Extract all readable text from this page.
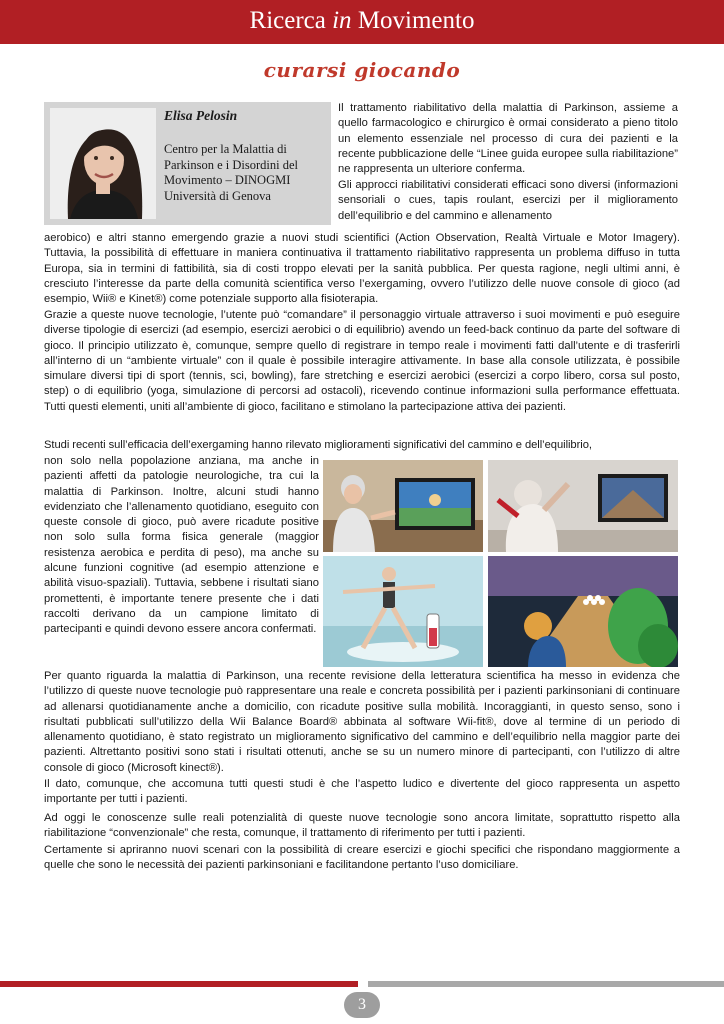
Ricerca in Movimento
curarsi giocando
Elisa Pelosin
Centro per la Malattia di Parkinson e i Disordini del Movimento – DINOGMI Università di Genova
Il trattamento riabilitativo della malattia di Parkinson, assieme a quello farmacologico e chirurgico è ormai considerato a pieno titolo un elemento essenziale nel processo di cura dei pazienti e la recente pubblicazione delle “Linee guida europee sulla riabilitazione” ne rappresenta un ulteriore conferma.
Gli approcci riabilitativi considerati efficaci sono diversi (informazioni sensoriali o cues, tapis roulant, esercizi per il miglioramento dell’equilibrio e del cammino e allenamento
aerobico) e altri stanno emergendo grazie a nuovi studi scientifici (Action Observation, Realtà Virtuale e Motor Imagery). Tuttavia, la possibilità di effettuare in maniera continuativa il trattamento riabilitativo rappresenta un problema diffuso in tutta Europa, sia in termini di fattibilità, sia di costi troppo elevati per la sanità pubblica. Per questa ragione, negli ultimi anni, è cresciuto l’interesse da parte della comunità scientifica verso l’exergaming, ovvero l’utilizzo delle nuove console di gioco (ad esempio, Wii® e Kinet®) come potenziale supporto alla fisioterapia.
Grazie a queste nuove tecnologie, l’utente può “comandare” il personaggio virtuale attraverso i suoi movimenti e può eseguire diverse tipologie di esercizi (ad esempio, esercizi aerobici o di equilibrio) avendo un feed-back continuo da parte del software di gioco. Il principio utilizzato è, comunque, sempre quello di registrare in tempo reale i movimenti fatti dall’utente e di trasferirli all’interno di un “ambiente virtuale” con il quale è possibile interagire attivamente. In base alla console utilizzata, è possibile simulare diversi tipi di sport (tennis, sci, bowling), fare stretching e esercizi aerobici (esercizi a corpo libero, corsa sul posto, step) o di equilibrio (yoga, simulazione di percorsi ad ostacoli), ricevendo continue informazioni sulla performance effettuata. Tutti questi elementi, uniti all’ambiente di gioco, facilitano e stimolano la partecipazione attiva dei pazienti.
Studi recenti sull’efficacia dell’exergaming hanno rilevato miglioramenti significativi del cammino e dell’equilibrio,
non solo nella popolazione anziana, ma anche in pazienti affetti da patologie neurologiche, tra cui la malattia di Parkinson. Inoltre, alcuni studi hanno evidenziato che l’allenamento quotidiano, eseguito con queste console di gioco, può avere ricadute positive non solo sulla forma fisica generale (maggior resistenza aerobica e perdita di peso), ma anche su alcune funzioni cognitive (ad esempio attenzione e abilità visuo-spaziali). Tuttavia, sebbene i risultati siano promettenti, è importante tenere presente che i dati raccolti derivano da un campione limitato di partecipanti e quindi devono essere ancora confermati.
Per quanto riguarda la malattia di Parkinson, una recente revisione della letteratura scientifica ha messo in evidenza che l’utilizzo di queste nuove tecnologie può rappresentare una reale e concreta possibilità per i pazienti parkinsoniani di continuare ad allenarsi quotidianamente anche a domicilio, con ricadute positive sulla mobilità. Incoraggianti, in questo senso, sono i risultati pubblicati sull’utilizzo della Wii Balance Board® abbinata al software Wii-fit®, dove al termine di un periodo di allenamento quotidiano, è stato registrato un miglioramento significativo del cammino e dell’equilibrio nella maggior parte dei pazienti. Altrettanto positivi sono stati i risultati ottenuti, anche se su un numero minore di partecipanti, con l’utilizzo di altre console di gioco (Microsoft kinect®).
Il dato, comunque, che accomuna tutti questi studi è che l’aspetto ludico e divertente del gioco rappresenta un aspetto importante per tutti i pazienti.
Ad oggi le conoscenze sulle reali potenzialità di queste nuove tecnologie sono ancora limitate, soprattutto rispetto alla riabilitazione “convenzionale” che resta, comunque, il trattamento di riferimento per tutti i pazienti.
Certamente si apriranno nuovi scenari con la possibilità di creare esercizi e giochi specifici che rispondano maggiormente a quelle che sono le necessità dei pazienti parkinsoniani e facilitandone pertanto l’uso domiciliare.
3
